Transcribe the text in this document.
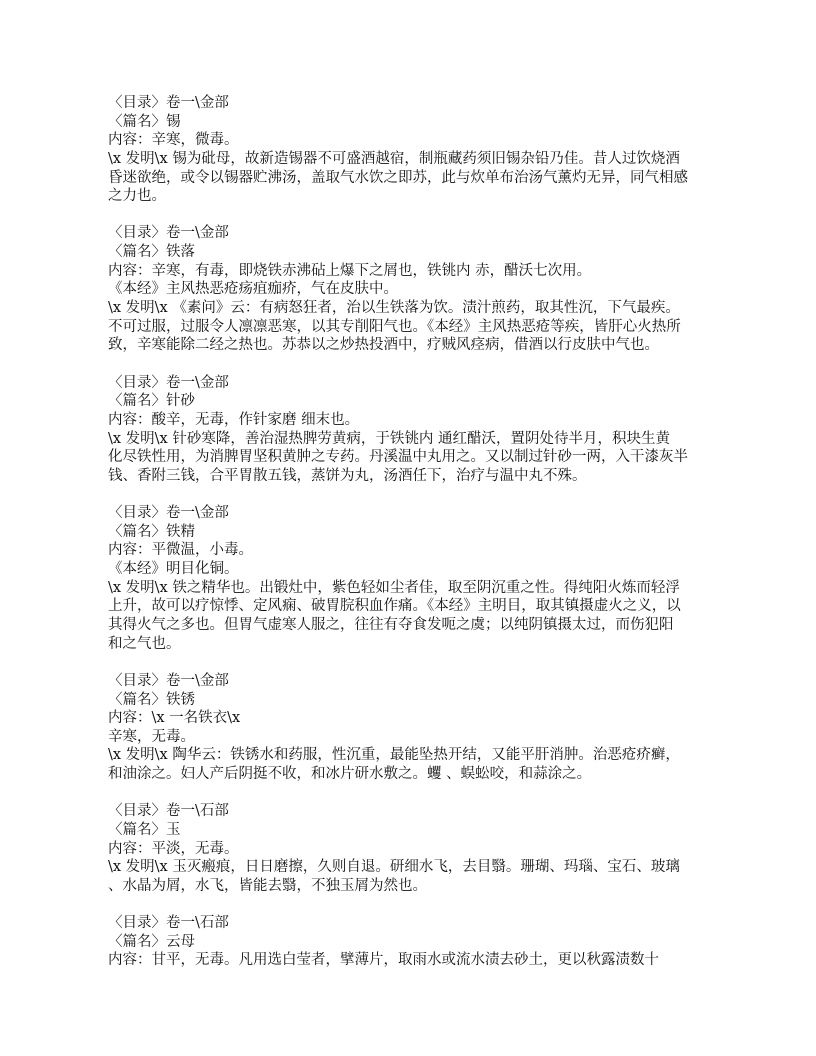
〈目录〉卷一\金部
〈篇名〉锡
内容：辛寒，微毒。
\x 发明\x 锡为砒母，故新造锡器不可盛酒越宿，制瓶藏药须旧锡杂铅乃佳。昔人过饮烧酒
昏迷欲绝，或令以锡器贮沸汤，盖取气水饮之即苏，此与炊单布治汤气薰灼无异，同气相感
之力也。
〈目录〉卷一\金部
〈篇名〉铁落
内容：辛寒，有毒，即烧铁赤沸砧上爆下之屑也，铁铫内 赤，醋沃七次用。
《本经》主风热恶疮疡疽痂疥，气在皮肤中。
\x 发明\x 《素问》云：有病怒狂者，治以生铁落为饮。渍汁煎药，取其性沉，下气最疾。
不可过服，过服令人凛凛恶寒，以其专削阳气也。《本经》主风热恶疮等疾，皆肝心火热所
致，辛寒能除二经之热也。苏恭以之炒热投酒中，疗贼风痉病，借酒以行皮肤中气也。
〈目录〉卷一\金部
〈篇名〉针砂
内容：酸辛，无毒，作针家磨 细末也。
\x 发明\x 针砂寒降，善治湿热脾劳黄病，于铁铫内 通红醋沃，置阴处待半月，积块生黄
化尽铁性用，为消脾胃坚积黄肿之专药。丹溪温中丸用之。又以制过针砂一两，入干漆灰半
钱、香附三钱，合平胃散五钱，蒸饼为丸，汤酒任下，治疗与温中丸不殊。
〈目录〉卷一\金部
〈篇名〉铁精
内容：平微温，小毒。
《本经》明目化铜。
\x 发明\x 铁之精华也。出锻灶中，紫色轻如尘者佳，取至阴沉重之性。得纯阳火炼而轻浮
上升，故可以疗惊悸、定风痫、破胃脘积血作痛。《本经》主明目，取其镇摄虚火之义，以
其得火气之多也。但胃气虚寒人服之，往往有夺食发呃之虞；以纯阴镇摄太过，而伤犯阳
和之气也。
〈目录〉卷一\金部
〈篇名〉铁锈
内容：\x 一名铁衣\x
辛寒，无毒。
\x 发明\x 陶华云：铁锈水和药服，性沉重，最能坠热开结，又能平肝消肿。治恶疮疥癣，
和油涂之。妇人产后阴挺不收，和冰片研水敷之。蠼 、蜈蚣咬，和蒜涂之。
〈目录〉卷一\石部
〈篇名〉玉
内容：平淡，无毒。
\x 发明\x 玉灭瘢痕，日日磨擦，久则自退。研细水飞，去目翳。珊瑚、玛瑙、宝石、玻璃
、水晶为屑，水飞，皆能去翳，不独玉屑为然也。
〈目录〉卷一\石部
〈篇名〉云母
内容：甘平，无毒。凡用选白莹者，擘薄片，取雨水或流水渍去砂土，更以秋露渍数十
